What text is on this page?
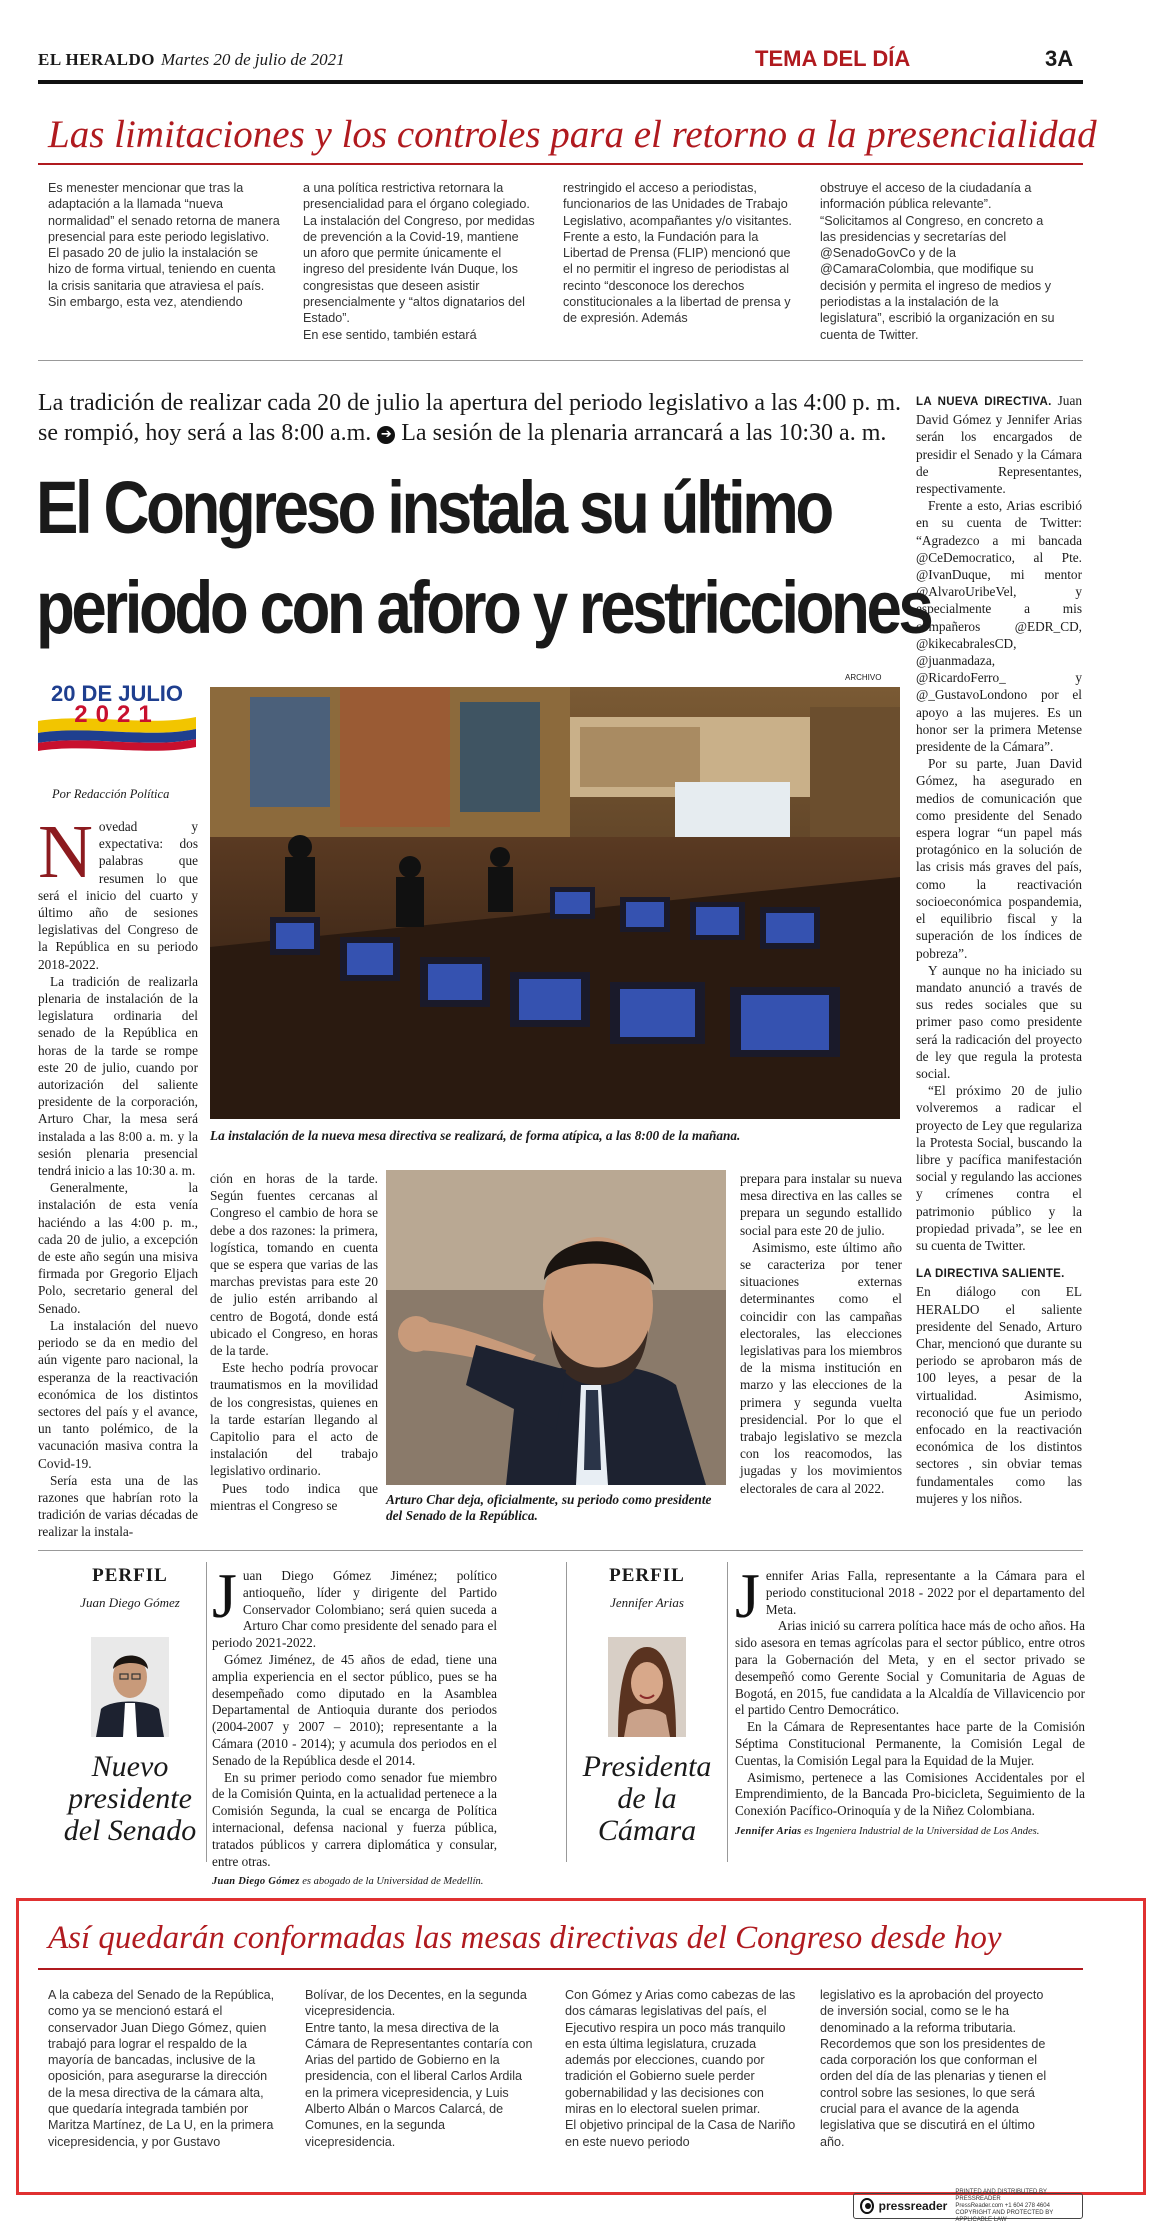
EL HERALDO Martes 20 de julio de 2021	TEMA DEL DÍA	3A
Las limitaciones y los controles para el retorno a la presencialidad
Es menester mencionar que tras la adaptación a la llamada “nueva normalidad” el senado retorna de manera presencial para este periodo legislativo.
El pasado 20 de julio la instalación se hizo de forma virtual, teniendo en cuenta la crisis sanitaria que atraviesa el país.
Sin embargo, esta vez, atendiendo
a una política restrictiva retornara la presencialidad para el órgano colegiado. La instalación del Congreso, por medidas de prevención a la Covid-19, mantiene un aforo que permite únicamente el ingreso del presidente Iván Duque, los congresistas que deseen asistir presencialmente y “altos dignatarios del Estado”.
En ese sentido, también estará
restringido el acceso a periodistas, funcionarios de las Unidades de Trabajo Legislativo, acompañantes y/o visitantes.
Frente a esto, la Fundación para la Libertad de Prensa (FLIP) mencionó que el no permitir el ingreso de periodistas al recinto “desconoce los derechos constitucionales a la libertad de prensa y de expresión. Además
obstruye el acceso de la ciudadanía a información pública relevante”.
“Solicitamos al Congreso, en concreto a las presidencias y secretarías del @SenadoGovCo y de la @CamaraColombia, que modifique su decisión y permita el ingreso de medios y periodistas a la instalación de la legislatura”, escribió la organización en su cuenta de Twitter.
La tradición de realizar cada 20 de julio la apertura del periodo legislativo a las 4:00 p. m.
se rompió, hoy será a las 8:00 a.m. ➔ La sesión de la plenaria arrancará a las 10:30 a. m.
El Congreso instala su último
periodo con aforo y restricciones
20 DE JULIO
2021
Por Redacción Política
ARCHIVO
La instalación de la nueva mesa directiva se realizará, de forma atípica, a las 8:00 de la mañana.

Novedad y expectativa: dos palabras que resumen lo que será el inicio del cuarto y último año de sesiones legislativas del Congreso de la República en su periodo 2018-2022.

La tradición de realizarla plenaria de instalación de la legislatura ordinaria del senado de la República en horas de la tarde se rompe este 20 de julio, cuando por autorización del saliente presidente de la corporación, Arturo Char, la mesa será instalada a las 8:00 a. m. y la sesión plenaria presencial tendrá inicio a las 10:30 a. m.

Generalmente, la instalación de esta venía haciéndo a las 4:00 p. m., cada 20 de julio, a excepción de este año según una misiva firmada por Gregorio Eljach Polo, secretario general del Senado.

La instalación del nuevo periodo se da en medio del aún vigente paro nacional, la esperanza de la reactivación económica de los distintos sectores del país y el avance, un tanto polémico, de la vacunación masiva contra la Covid-19.

Sería esta una de las razones que habrían roto la tradición de varias décadas de realizar la instala-

ción en horas de la tarde. Según fuentes cercanas al Congreso el cambio de hora se debe a dos razones: la primera, logística, tomando en cuenta que se espera que varias de las marchas previstas para este 20 de julio estén arribando al centro de Bogotá, donde está ubicado el Congreso, en horas de la tarde.

Este hecho podría provocar traumatismos en la movilidad de los congresistas, quienes en la tarde estarían llegando al Capitolio para el acto de instalación del trabajo legislativo ordinario.

Pues todo indica que mientras el Congreso se	Arturo Char deja, oficialmente, su periodo como presidente del Senado de la República.

prepara para instalar su nueva mesa directiva en las calles se prepara un segundo estallido social para este 20 de julio.

Asimismo, este último año se caracteriza por tener situaciones externas determinantes como el coincidir con las campañas electorales, las elecciones legislativas para los miembros de la misma institución en marzo y las elecciones de la primera y segunda vuelta presidencial. Por lo que el trabajo legislativo se mezcla con los reacomodos, las jugadas y los movimientos electorales de cara al 2022.

LA NUEVA DIRECTIVA. Juan David Gómez y Jennifer Arias serán los encargados de presidir el Senado y la Cámara de Representantes, respectivamente.

Frente a esto, Arias escribió en su cuenta de Twitter: “Agradezco a mi bancada @CeDemocratico, al Pte. @IvanDuque, mi mentor @AlvaroUribeVel, y especialmente a mis compañeros @EDR_CD, @kikecabralesCD, @juanmadaza, @RicardoFerro_ y @_GustavoLondono por el apoyo a las mujeres. Es un honor ser la primera Metense presidente de la Cámara”.

Por su parte, Juan David Gómez, ha asegurado en medios de comunicación que como presidente del Senado espera lograr “un papel más protagónico en la solución de las crisis más graves del país, como la reactivación socioeconómica pospandemia, el equilibrio fiscal y la superación de los índices de pobreza”.

Y aunque no ha iniciado su mandato anunció a través de sus redes sociales que su primer paso como presidente será la radicación del proyecto de ley que regula la protesta social.

“El próximo 20 de julio volveremos a radicar el proyecto de Ley que regulariza la Protesta Social, buscando la libre y pacífica manifestación social y regulando las acciones y crímenes contra el patrimonio público y la propiedad privada”, se lee en su cuenta de Twitter.

LA DIRECTIVA SALIENTE.

En diálogo con EL HERALDO el saliente presidente del Senado, Arturo Char, mencionó que durante su periodo se aprobaron más de 100 leyes, a pesar de la virtualidad. Asimismo, reconoció que fue un periodo enfocado en la reactivación económica de los distintos sectores , sin obviar temas fundamentales como las mujeres y los niños.

PERFIL
Juan Diego Gómez
Nuevo presidente del Senado

Juan Diego Gómez Jiménez; político antioqueño, líder y dirigente del Partido Conservador Colombiano; será quien suceda a Arturo Char como presidente del senado para el periodo 2021-2022.

Gómez Jiménez, de 45 años de edad, tiene una amplia experiencia en el sector público, pues se ha desempeñado como diputado en la Asamblea Departamental de Antioquia durante dos periodos (2004-2007 y 2007 – 2010); representante a la Cámara (2010 - 2014); y acumula dos periodos en el Senado de la República desde el 2014.

En su primer periodo como senador fue miembro de la Comisión Quinta, en la actualidad pertenece a la Comisión Segunda, la cual se encarga de Política internacional, defensa nacional y fuerza pública, tratados públicos y carrera diplomática y consular, entre otras.

Juan Diego Gómez es abogado de la Universidad de Medellín.

PERFIL
Jennifer Arias
Presidenta de la Cámara

Jennifer Arias Falla, representante a la Cámara para el periodo constitucional 2018 - 2022 por el departamento del Meta.

Arias inició su carrera política hace más de ocho años. Ha sido asesora en temas agrícolas para el sector público, entre otros para la Gobernación del Meta, y en el sector privado se desempeñó como Gerente Social y Comunitaria de Aguas de Bogotá, en 2015, fue candidata a la Alcaldía de Villavicencio por el partido Centro Democrático.

En la Cámara de Representantes hace parte de la Comisión Séptima Constitucional Permanente, la Comisión Legal de Cuentas, la Comisión Legal para la Equidad de la Mujer.

Asimismo, pertenece a las Comisiones Accidentales por el Emprendimiento, de la Bancada Pro-bicicleta, Seguimiento de la Conexión Pacífico-Orinoquía y de la Niñez Colombiana.

Jennifer Arias es Ingeniera Industrial de la Universidad de Los Andes.

Así quedarán conformadas las mesas directivas del Congreso desde hoy
A la cabeza del Senado de la República, como ya se mencionó estará el conservador Juan Diego Gómez, quien trabajó para lograr el respaldo de la mayoría de bancadas, inclusive de la oposición, para asegurarse la dirección de la mesa directiva de la cámara alta, que quedaría integrada también por Maritza Martínez, de La U, en la primera vicepresidencia, y por Gustavo
Bolívar, de los Decentes, en la segunda vicepresidencia.
Entre tanto, la mesa directiva de la Cámara de Representantes contaría con Arias del partido de Gobierno en la presidencia, con el liberal Carlos Ardila en la primera vicepresidencia, y Luis Alberto Albán o Marcos Calarcá, de Comunes, en la segunda vicepresidencia.
Con Gómez y Arias como cabezas de las dos cámaras legislativas del país, el Ejecutivo respira un poco más tranquilo en esta última legislatura, cruzada además por elecciones, cuando por tradición el Gobierno suele perder gobernabilidad y las decisiones con miras en lo electoral suelen primar.
El objetivo principal de la Casa de Nariño en este nuevo periodo
legislativo es la aprobación del proyecto de inversión social, como se le ha denominado a la reforma tributaria.
Recordemos que son los presidentes de cada corporación los que conforman el orden del día de las plenarias y tienen el control sobre las sesiones, lo que será crucial para el avance de la agenda legislativa que se discutirá en el último año.
pressreader
PRINTED AND DISTRIBUTED BY PRESSREADER
PressReader.com +1 604 278 4604
COPYRIGHT AND PROTECTED BY APPLICABLE LAW
